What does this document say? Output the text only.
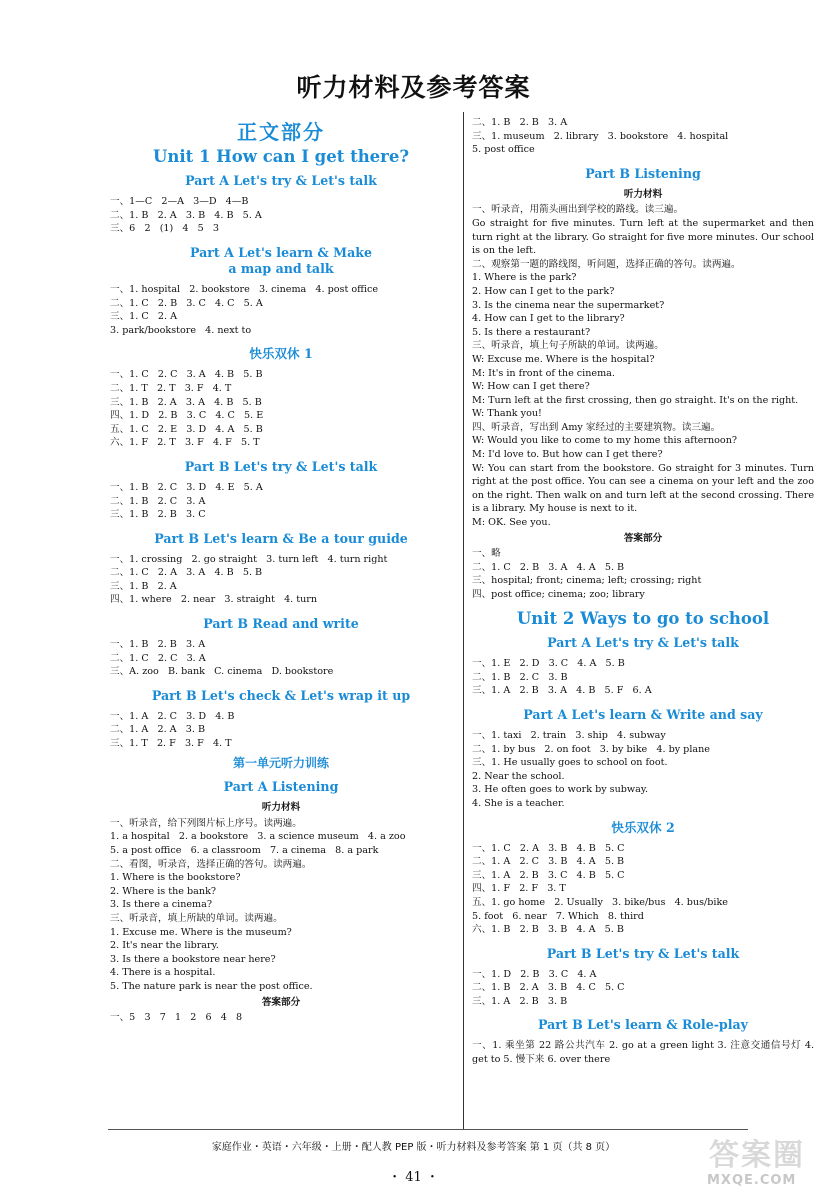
听力材料及参考答案
正文部分
Unit 1 How can I get there?
Part A Let's try & Let's talk
一、1—C   2—A   3—D   4—B
二、1. B   2. A   3. B   4. B   5. A
三、6   2   (1)   4   5   3
Part A Let's learn & Make
a map and talk
一、1. hospital   2. bookstore   3. cinema   4. post office
二、1. C   2. B   3. C   4. C   5. A
三、1. C   2. A
3. park/bookstore   4. next to
快乐双休 1
一、1. C   2. C   3. A   4. B   5. B
二、1. T   2. T   3. F   4. T
三、1. B   2. A   3. A   4. B   5. B
四、1. D   2. B   3. C   4. C   5. E
五、1. C   2. E   3. D   4. A   5. B
六、1. F   2. T   3. F   4. F   5. T
Part B Let's try & Let's talk
一、1. B   2. C   3. D   4. E   5. A
二、1. B   2. C   3. A
三、1. B   2. B   3. C
Part B Let's learn & Be a tour guide
一、1. crossing   2. go straight   3. turn left   4. turn right
二、1. C   2. A   3. A   4. B   5. B
三、1. B   2. A
四、1. where   2. near   3. straight   4. turn
Part B Read and write
一、1. B   2. B   3. A
二、1. C   2. C   3. A
三、A. zoo   B. bank   C. cinema   D. bookstore
Part B Let's check & Let's wrap it up
一、1. A   2. C   3. D   4. B
二、1. A   2. A   3. B
三、1. T   2. F   3. F   4. T
第一单元听力训练
Part A Listening
听力材料
一、听录音，给下列图片标上序号。读两遍。
1. a hospital   2. a bookstore   3. a science museum   4. a zoo
5. a post office   6. a classroom   7. a cinema   8. a park
二、看图，听录音，选择正确的答句。读两遍。
1. Where is the bookstore?
2. Where is the bank?
3. Is there a cinema?
三、听录音，填上所缺的单词。读两遍。
1. Excuse me. Where is the museum?
2. It's near the library.
3. Is there a bookstore near here?
4. There is a hospital.
5. The nature park is near the post office.
答案部分
一、5   3   7   1   2   6   4   8
二、1. B   2. B   3. A
三、1. museum   2. library   3. bookstore   4. hospital
5. post office
Part B Listening
听力材料
一、听录音，用箭头画出到学校的路线。读三遍。
Go straight for five minutes. Turn left at the supermarket and then turn right at the library. Go straight for five more minutes. Our school is on the left.
二、观察第一题的路线图，听问题，选择正确的答句。读两遍。
1. Where is the park?
2. How can I get to the park?
3. Is the cinema near the supermarket?
4. How can I get to the library?
5. Is there a restaurant?
三、听录音，填上句子所缺的单词。读两遍。
W: Excuse me. Where is the hospital?
M: It's in front of the cinema.
W: How can I get there?
M: Turn left at the first crossing, then go straight. It's on the right.
W: Thank you!
四、听录音，写出到 Amy 家经过的主要建筑物。读三遍。
W: Would you like to come to my home this afternoon?
M: I'd love to. But how can I get there?
W: You can start from the bookstore. Go straight for 3 minutes. Turn right at the post office. You can see a cinema on your left and the zoo on the right. Then walk on and turn left at the second crossing. There is a library. My house is next to it.
M: OK. See you.
答案部分
一、略
二、1. C   2. B   3. A   4. A   5. B
三、hospital; front; cinema; left; crossing; right
四、post office; cinema; zoo; library
Unit 2 Ways to go to school
Part A Let's try & Let's talk
一、1. E   2. D   3. C   4. A   5. B
二、1. B   2. C   3. B
三、1. A   2. B   3. A   4. B   5. F   6. A
Part A Let's learn & Write and say
一、1. taxi   2. train   3. ship   4. subway
二、1. by bus   2. on foot   3. by bike   4. by plane
三、1. He usually goes to school on foot.
2. Near the school.
3. He often goes to work by subway.
4. She is a teacher.
快乐双休 2
一、1. C   2. A   3. B   4. B   5. C
二、1. A   2. C   3. B   4. A   5. B
三、1. A   2. B   3. C   4. B   5. C
四、1. F   2. F   3. T
五、1. go home   2. Usually   3. bike/bus   4. bus/bike
5. foot   6. near   7. Which   8. third
六、1. B   2. B   3. B   4. A   5. B
Part B Let's try & Let's talk
一、1. D   2. B   3. C   4. A
二、1. B   2. A   3. B   4. C   5. C
三、1. A   2. B   3. B
Part B Let's learn & Role-play
一、1. 乘坐第 22 路公共汽车 2. go at a green light 3. 注意交通信号灯 4. get to 5. 慢下来 6. over there
家庭作业・英语・六年级・上册・配人教 PEP 版・听力材料及参考答案 第 1 页（共 8 页）
・ 41 ・
答案圈
MXQE.COM
